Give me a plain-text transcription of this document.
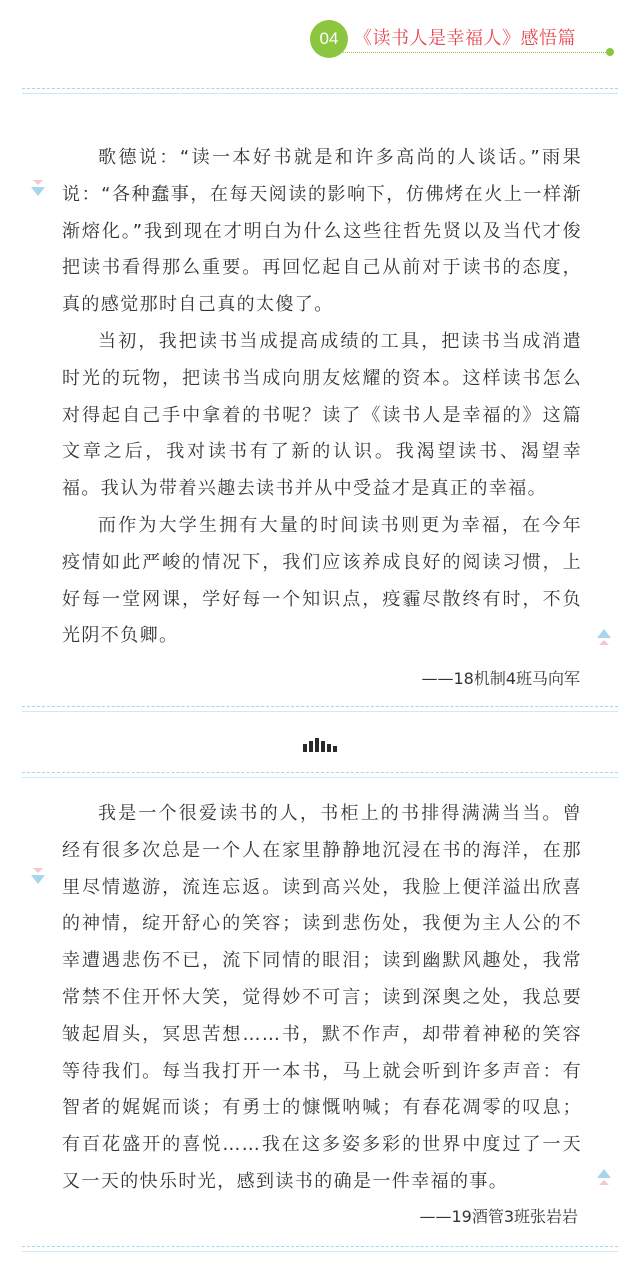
04 《读书人是幸福人》感悟篇

歌德说：“读一本好书就是和许多高尚的人谈话。”雨果说：“各种蠢事，在每天阅读的影响下，仿佛烤在火上一样渐渐熔化。”我到现在才明白为什么这些往哲先贤以及当代才俊把读书看得那么重要。再回忆起自己从前对于读书的态度，真的感觉那时自己真的太傻了。

当初，我把读书当成提高成绩的工具，把读书当成消遣时光的玩物，把读书当成向朋友炫耀的资本。这样读书怎么对得起自己手中拿着的书呢？读了《读书人是幸福的》这篇文章之后，我对读书有了新的认识。我渴望读书、渴望幸福。我认为带着兴趣去读书并从中受益才是真正的幸福。

而作为大学生拥有大量的时间读书则更为幸福，在今年疫情如此严峻的情况下，我们应该养成良好的阅读习惯，上好每一堂网课，学好每一个知识点，疫霾尽散终有时，不负光阴不负卿。

——18机制4班马向军

我是一个很爱读书的人，书柜上的书排得满满当当。曾经有很多次总是一个人在家里静静地沉浸在书的海洋，在那里尽情遨游，流连忘返。读到高兴处，我脸上便洋溢出欣喜的神情，绽开舒心的笑容；读到悲伤处，我便为主人公的不幸遭遇悲伤不已，流下同情的眼泪；读到幽默风趣处，我常常禁不住开怀大笑，觉得妙不可言；读到深奥之处，我总要皱起眉头，冥思苦想……书，默不作声，却带着神秘的笑容等待我们。每当我打开一本书，马上就会听到许多声音：有智者的娓娓而谈；有勇士的慷慨呐喊；有春花凋零的叹息；有百花盛开的喜悦……我在这多姿多彩的世界中度过了一天又一天的快乐时光，感到读书的确是一件幸福的事。

——19酒管3班张岩岩
